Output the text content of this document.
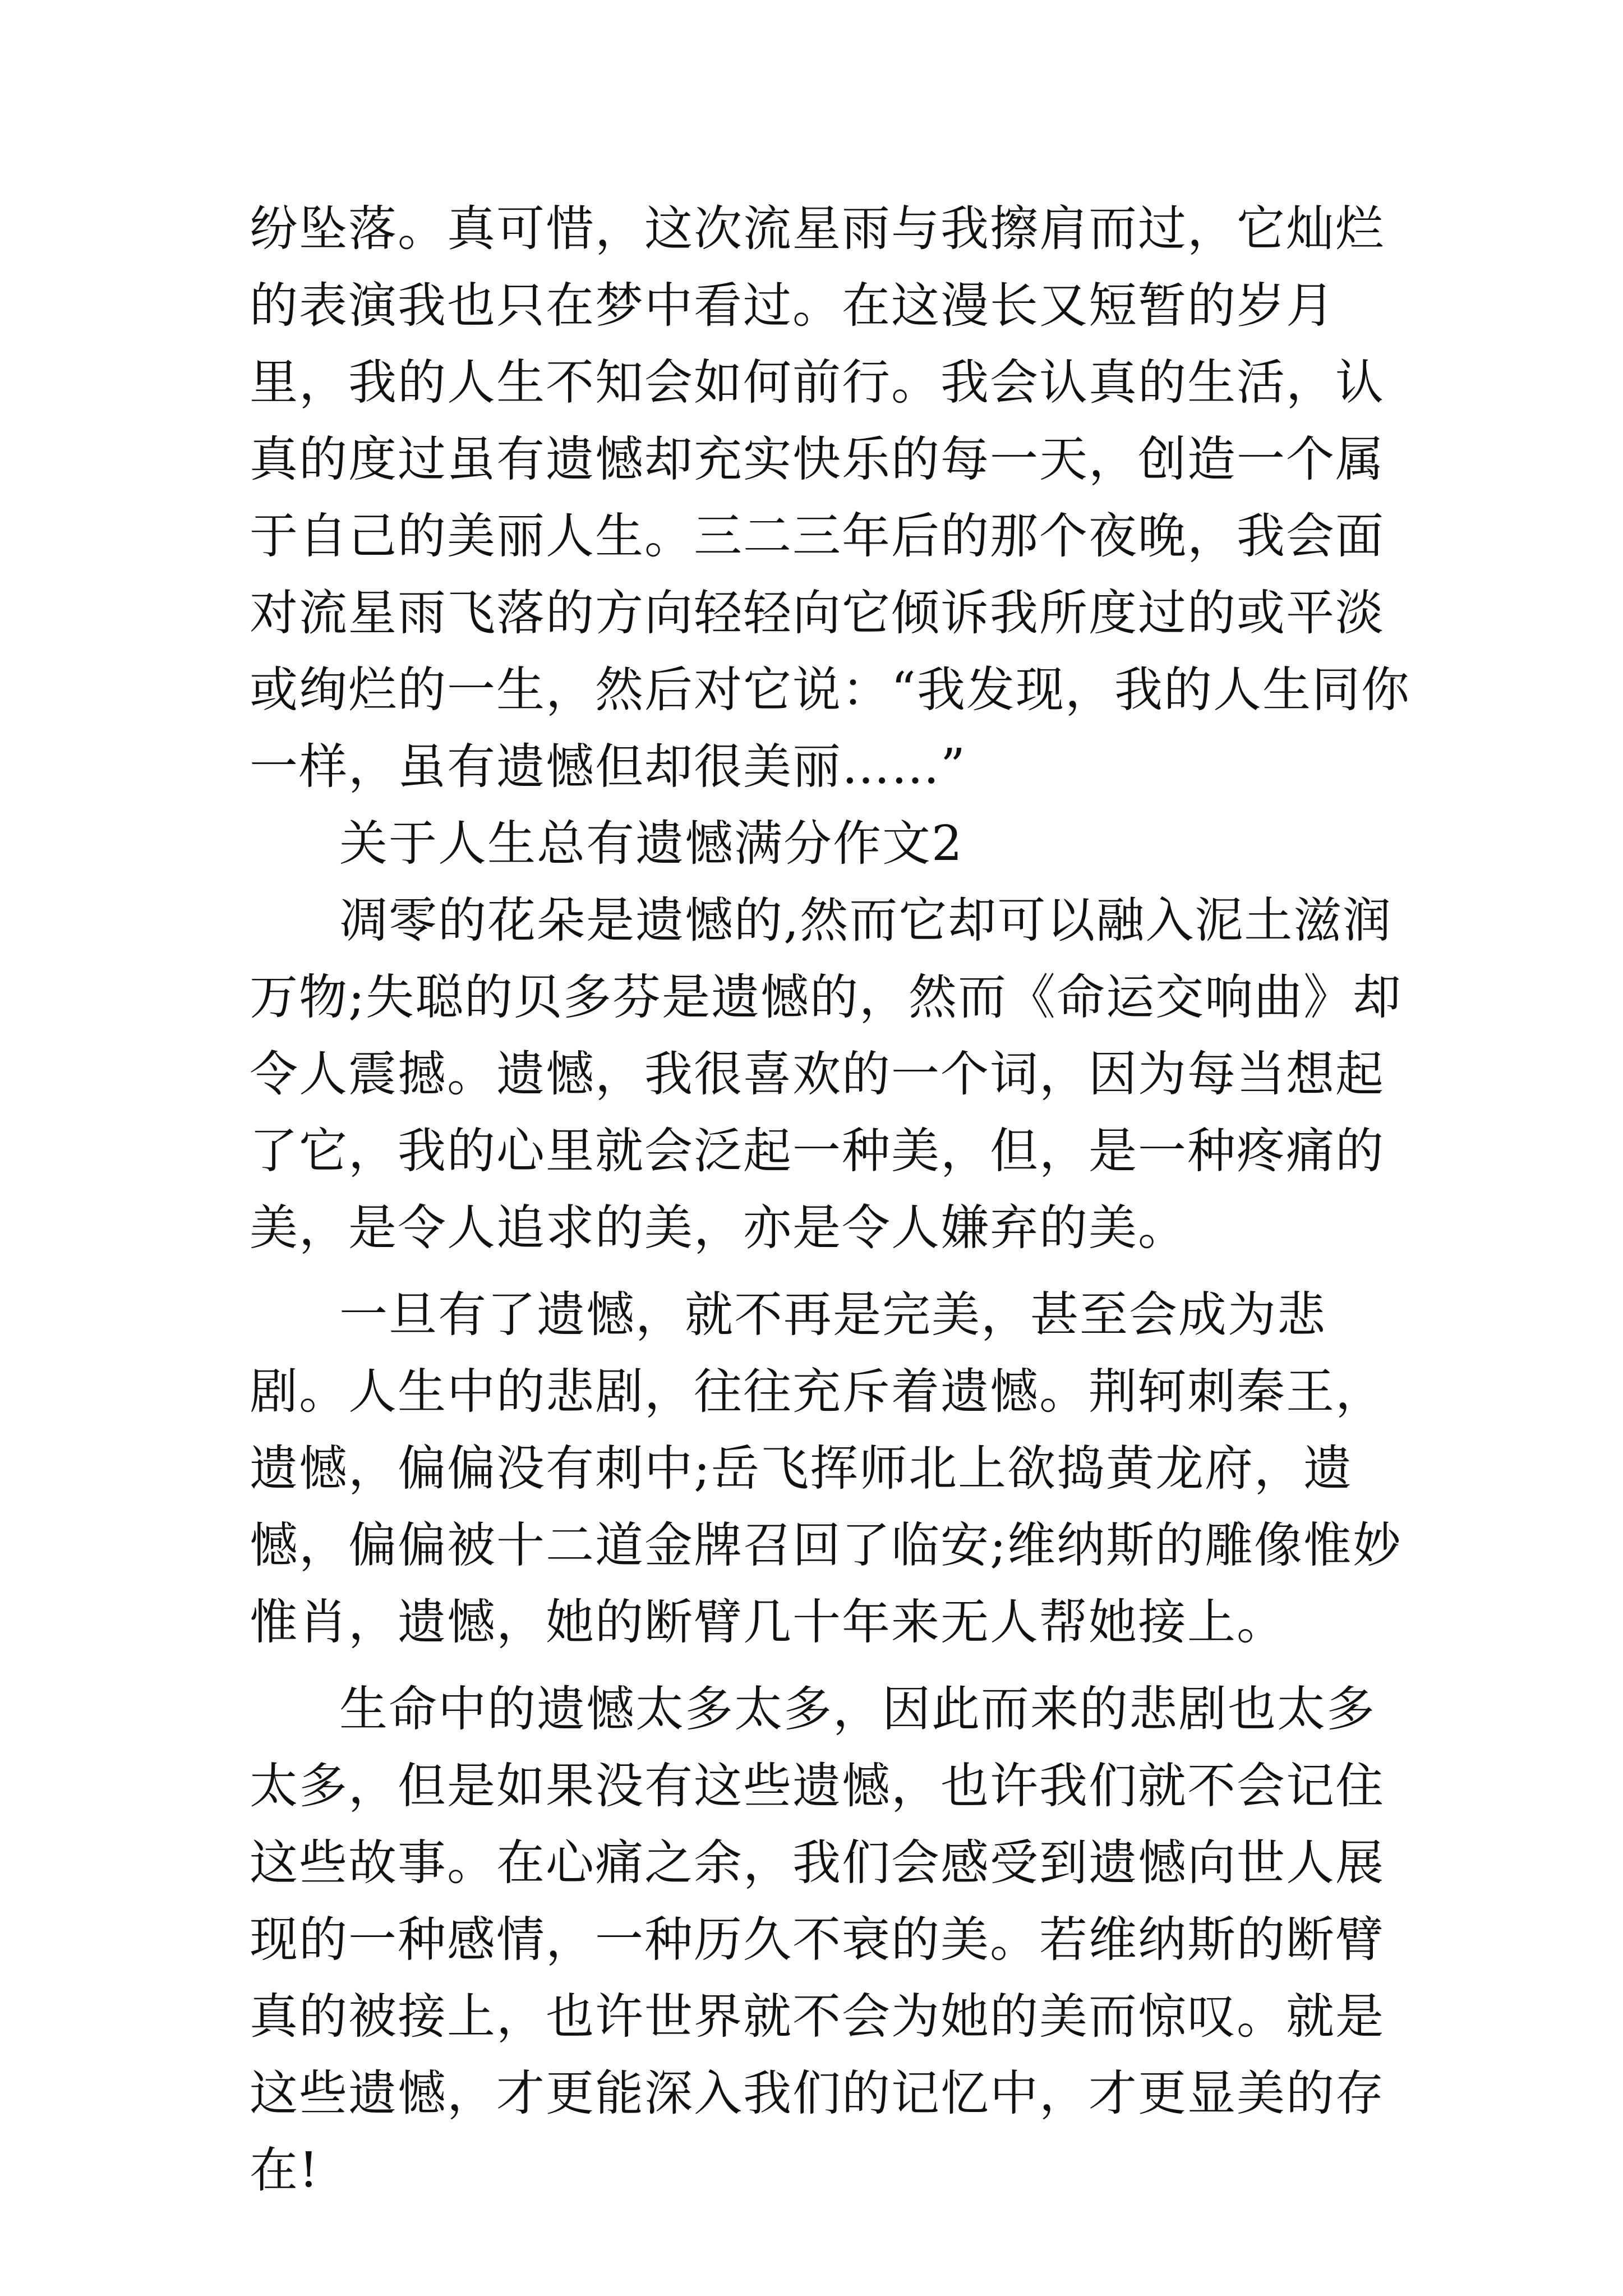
纷坠落。真可惜，这次流星雨与我擦肩而过，它灿烂的表演我也只在梦中看过。在这漫长又短暂的岁月里，我的人生不知会如何前行。我会认真的生活，认真的度过虽有遗憾却充实快乐的每一天，创造一个属于自己的美丽人生。三二三年后的那个夜晚，我会面对流星雨飞落的方向轻轻向它倾诉我所度过的或平淡或绚烂的一生，然后对它说：“我发现，我的人生同你一样，虽有遗憾但却很美丽……”

关于人生总有遗憾满分作文2

凋零的花朵是遗憾的,然而它却可以融入泥土滋润万物;失聪的贝多芬是遗憾的，然而《命运交响曲》却令人震撼。遗憾，我很喜欢的一个词，因为每当想起了它，我的心里就会泛起一种美，但，是一种疼痛的美，是令人追求的美，亦是令人嫌弃的美。

一旦有了遗憾，就不再是完美，甚至会成为悲剧。人生中的悲剧，往往充斥着遗憾。荆轲刺秦王，遗憾，偏偏没有刺中;岳飞挥师北上欲捣黄龙府，遗憾，偏偏被十二道金牌召回了临安;维纳斯的雕像惟妙惟肖，遗憾，她的断臂几十年来无人帮她接上。

生命中的遗憾太多太多，因此而来的悲剧也太多太多，但是如果没有这些遗憾，也许我们就不会记住这些故事。在心痛之余，我们会感受到遗憾向世人展现的一种感情，一种历久不衰的美。若维纳斯的断臂真的被接上，也许世界就不会为她的美而惊叹。就是这些遗憾，才更能深入我们的记忆中，才更显美的存在!
